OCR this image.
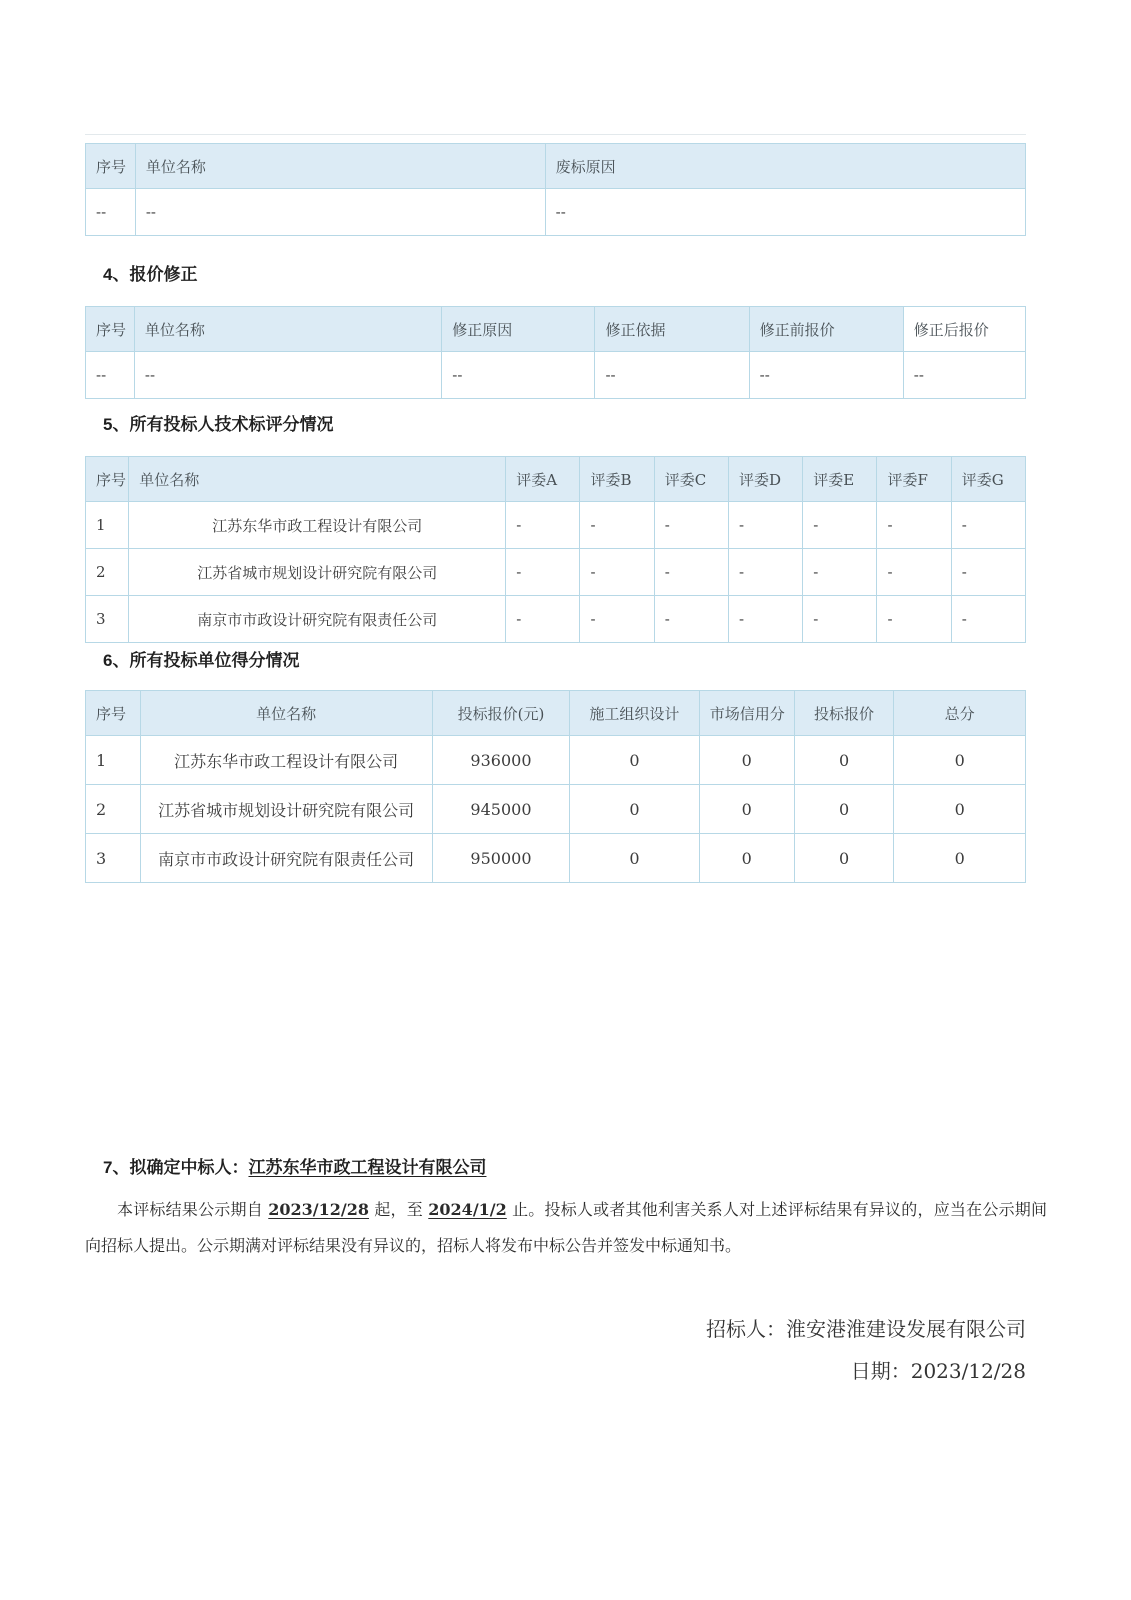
序号	单位名称	废标原因
--	--	--
4、报价修正
序号	单位名称	修正原因	修正依据	修正前报价	修正后报价
--	--	--	--	--	--
5、所有投标人技术标评分情况
序号	单位名称	评委A	评委B	评委C	评委D	评委E	评委F	评委G
1	江苏东华市政工程设计有限公司	-	-	-	-	-	-	-
2	江苏省城市规划设计研究院有限公司	-	-	-	-	-	-	-
3	南京市市政设计研究院有限责任公司	-	-	-	-	-	-	-
6、所有投标单位得分情况
序号	单位名称	投标报价(元)	施工组织设计	市场信用分	投标报价	总分
1	江苏东华市政工程设计有限公司	936000	0	0	0	0
2	江苏省城市规划设计研究院有限公司	945000	0	0	0	0
3	南京市市政设计研究院有限责任公司	950000	0	0	0	0
7、拟确定中标人：江苏东华市政工程设计有限公司
本评标结果公示期自 2023/12/28 起，至 2024/1/2 止。投标人或者其他利害关系人对上述评标结果有异议的，应当在公示期间向招标人提出。公示期满对评标结果没有异议的，招标人将发布中标公告并签发中标通知书。
招标人：淮安港淮建设发展有限公司
日期：2023/12/28
